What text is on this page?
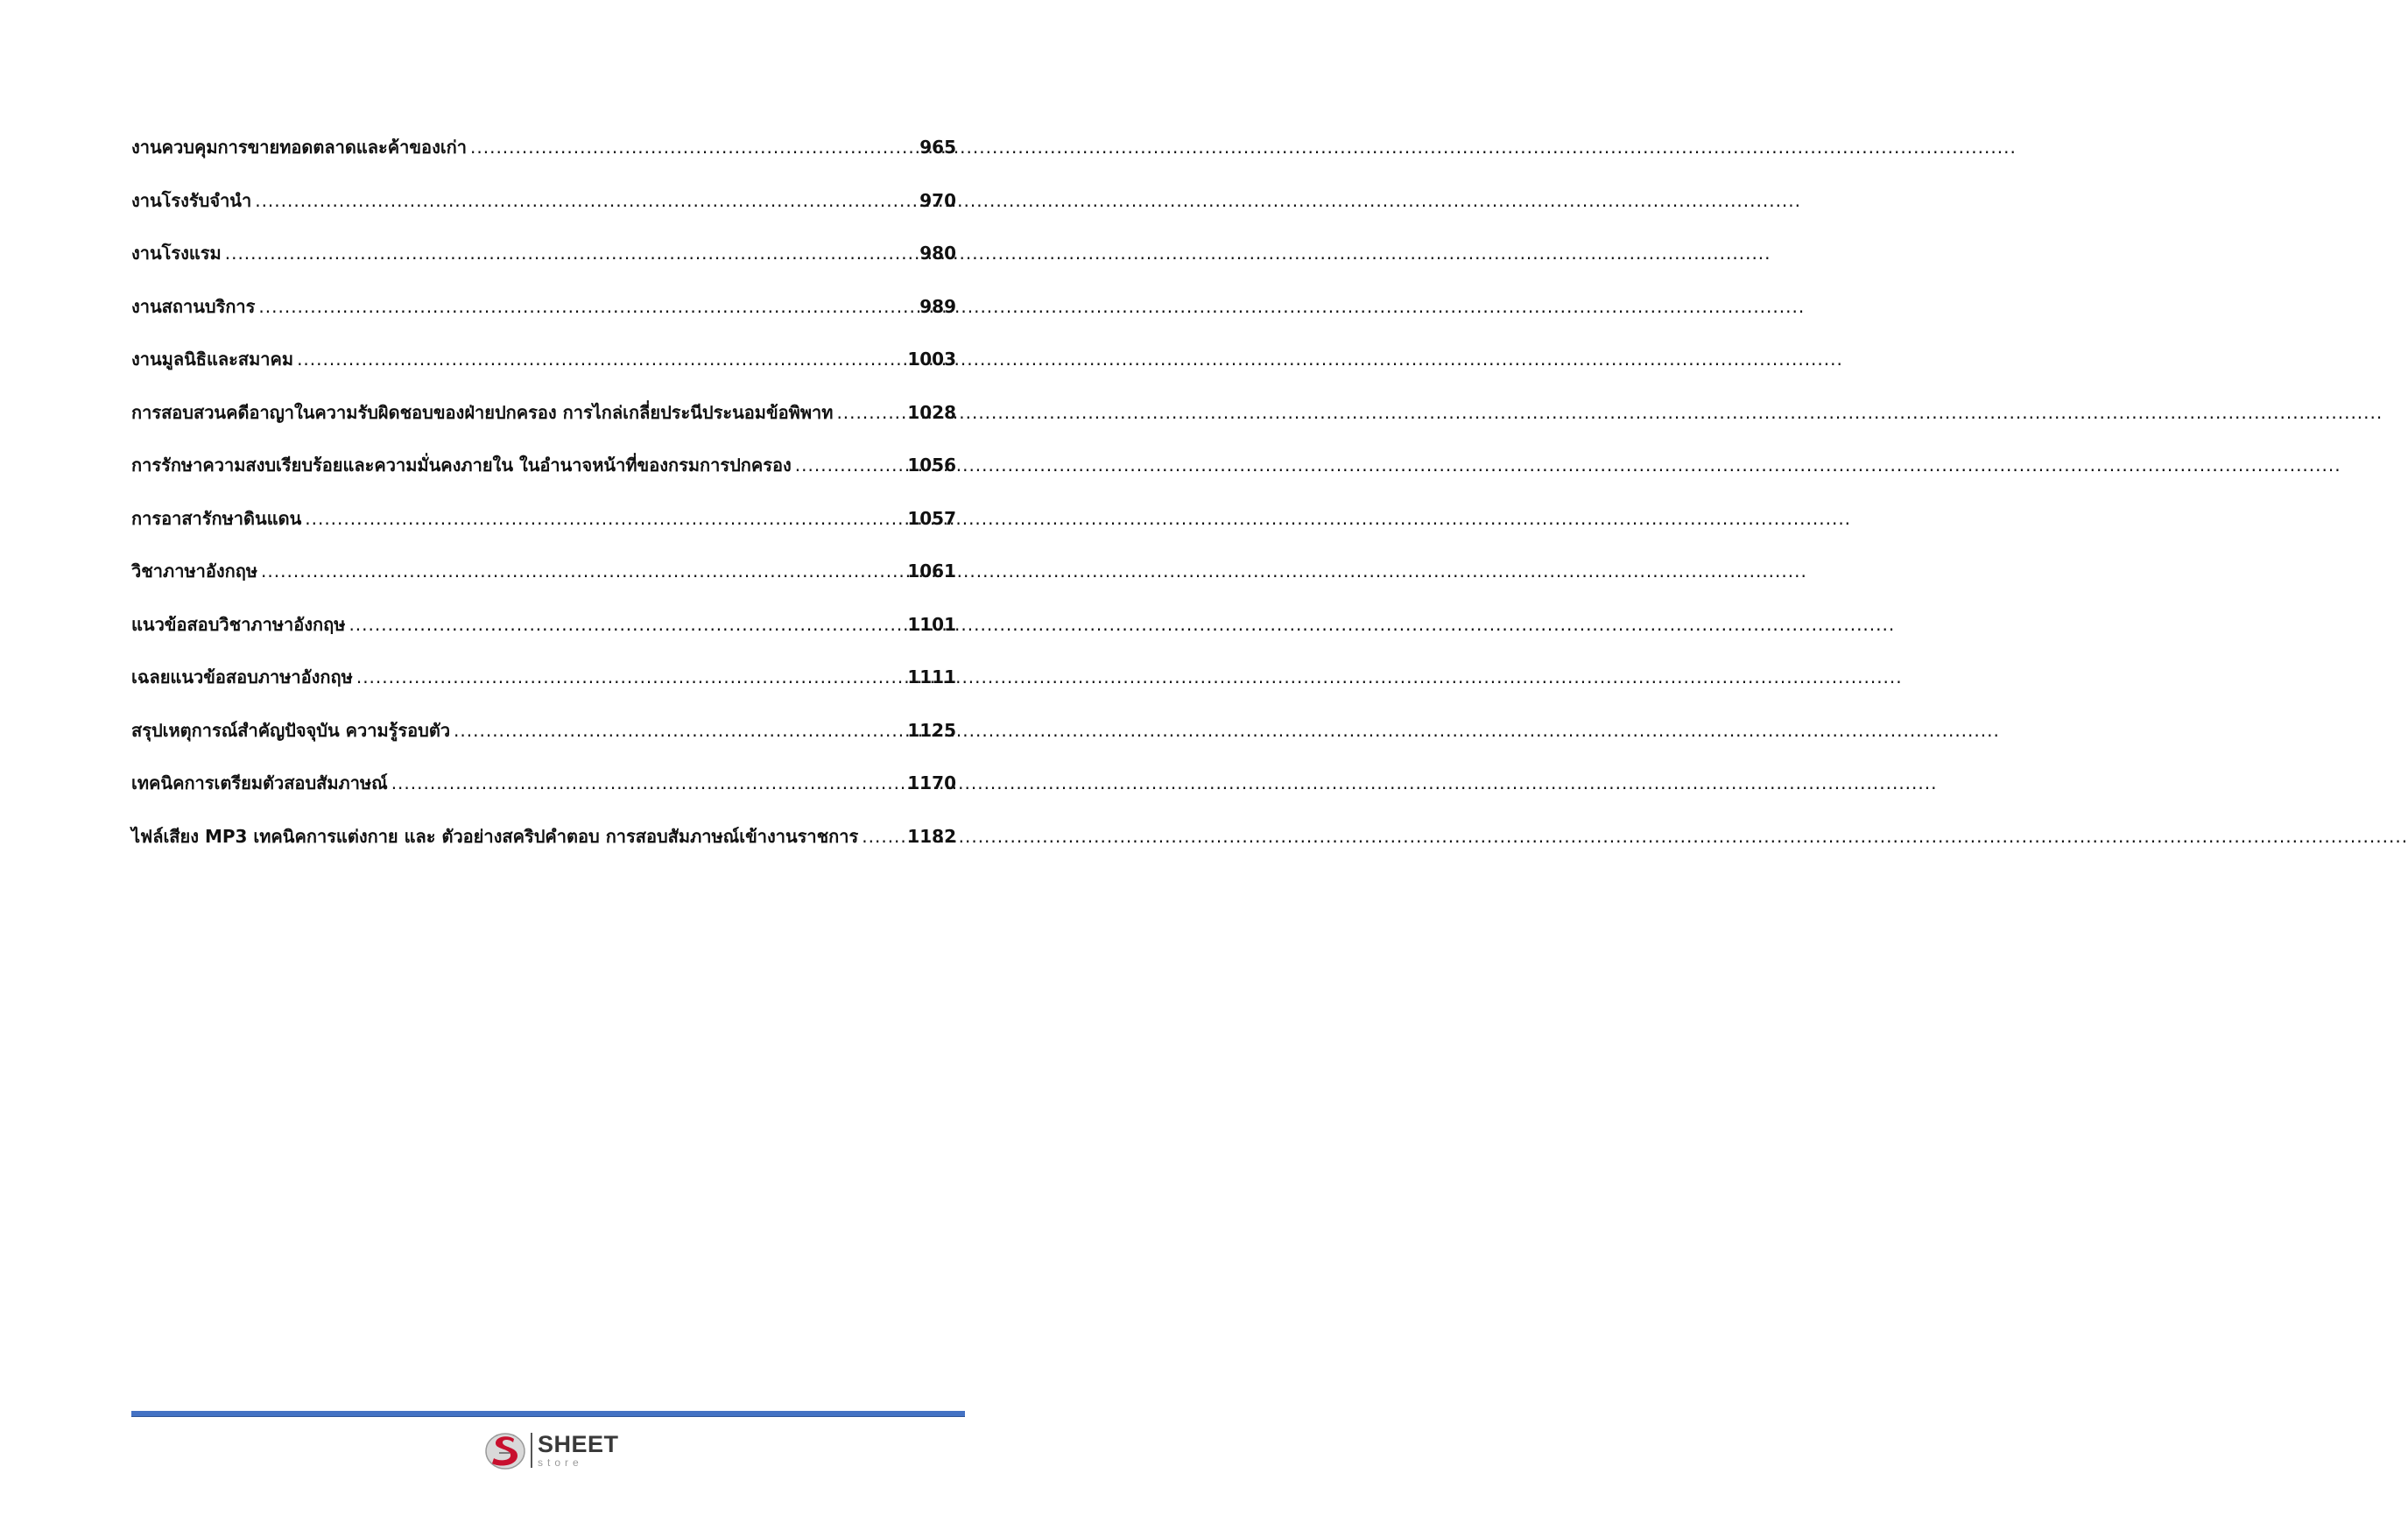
งานควบคุมการขายทอดตลาดและค้าของเก่า .....	965
งานโรงรับจำนำ .....	970
งานโรงแรม .....	980
งานสถานบริการ .....	989
งานมูลนิธิและสมาคม .....	1003
การสอบสวนคดีอาญาในความรับผิดชอบของฝ่ายปกครอง การไกล่เกลี่ยประนีประนอมข้อพิพาท .....	1028
การรักษาความสงบเรียบร้อยและความมั่นคงภายใน ในอำนาจหน้าที่ของกรมการปกครอง .....	1056
การอาสารักษาดินแดน .....	1057
วิชาภาษาอังกฤษ .....	1061
แนวข้อสอบวิชาภาษาอังกฤษ .....	1101
เฉลยแนวข้อสอบภาษาอังกฤษ .....	1111
สรุปเหตุการณ์สำคัญปัจจุบัน ความรู้รอบตัว .....	1125
เทคนิคการเตรียมตัวสอบสัมภาษณ์ .....	1170
ไฟล์เสียง MP3 เทคนิคการแต่งกาย และ ตัวอย่างสคริปคำตอบ การสอบสัมภาษณ์เข้างานราชการ .....	1182
SHEET
store
